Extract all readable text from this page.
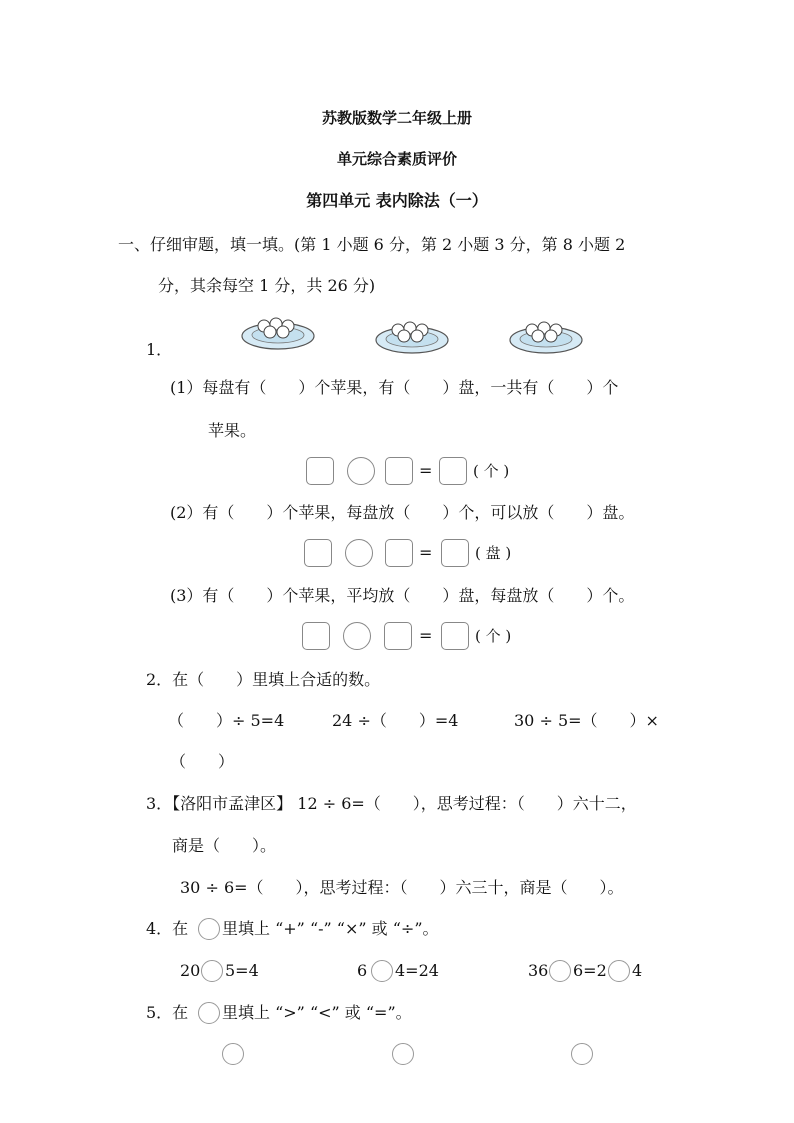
苏教版数学二年级上册
单元综合素质评价
第四单元 表内除法（一）
一、仔细审题，填一填。(第 1 小题 6 分，第 2 小题 3 分，第 8 小题 2
分，其余每空 1 分，共 26 分)
1．
(1）每盘有（　　）个苹果，有（　　）盘，一共有（　　）个
苹果。
=	( 个 )
(2）有（　　）个苹果，每盘放（　　）个，可以放（　　）盘。
=	( 盘 )
(3）有（　　）个苹果，平均放（　　）盘，每盘放（　　）个。
=	( 个 )
2．在（　　）里填上合适的数。
（　　）÷ 5=4	24 ÷（　　）=4	30 ÷ 5=（　　）×
（　　）
3．【洛阳市孟津区】 12 ÷ 6=（　　），思考过程：（　　）六十二，
商是（　　）。
30 ÷ 6=（　　），思考过程：（　　）六三十，商是（　　）。
4．在 里填上 “+” “-” “×” 或 “÷”。
20 5=4	6 4=24	36 6=2 4
5．在 里填上 “>” “<” 或 “=”。
